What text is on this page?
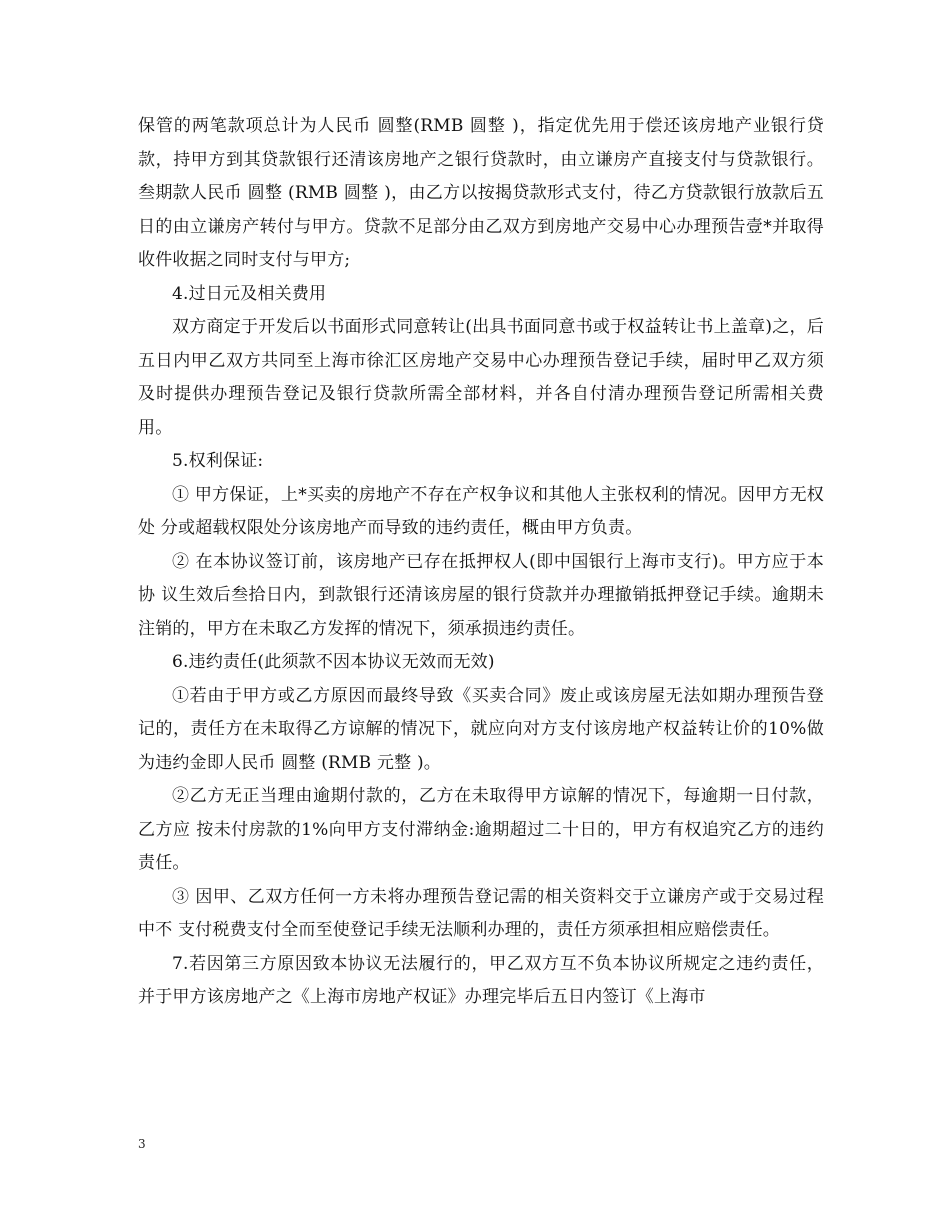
保管的两笔款项总计为人民币 圆整(RMB 圆整 )，指定优先用于偿还该房地产业银行贷款，持甲方到其贷款银行还清该房地产之银行贷款时，由立谦房产直接支付与贷款银行。叁期款人民币 圆整 (RMB 圆整 )，由乙方以按揭贷款形式支付，待乙方贷款银行放款后五日的由立谦房产转付与甲方。贷款不足部分由乙双方到房地产交易中心办理预告壹*并取得收件收据之同时支付与甲方;

4.过日元及相关费用

双方商定于开发后以书面形式同意转让(出具书面同意书或于权益转让书上盖章)之，后五日内甲乙双方共同至上海市徐汇区房地产交易中心办理预告登记手续，届时甲乙双方须及时提供办理预告登记及银行贷款所需全部材料，并各自付清办理预告登记所需相关费用。

5.权利保证:

① 甲方保证，上*买卖的房地产不存在产权争议和其他人主张权利的情况。因甲方无权处 分或超载权限处分该房地产而导致的违约责任，概由甲方负责。

② 在本协议签订前，该房地产已存在抵押权人(即中国银行上海市支行)。甲方应于本协 议生效后叁拾日内，到款银行还清该房屋的银行贷款并办理撤销抵押登记手续。逾期未注销的，甲方在未取乙方发挥的情况下，须承损违约责任。

6.违约责任(此须款不因本协议无效而无效)

①若由于甲方或乙方原因而最终导致《买卖合同》废止或该房屋无法如期办理预告登记的，责任方在未取得乙方谅解的情况下，就应向对方支付该房地产权益转让价的10%做为违约金即人民币 圆整 (RMB 元整 )。

②乙方无正当理由逾期付款的，乙方在未取得甲方谅解的情况下，每逾期一日付款，乙方应 按未付房款的1%向甲方支付滞纳金:逾期超过二十日的，甲方有权追究乙方的违约责任。

③ 因甲、乙双方任何一方未将办理预告登记需的相关资料交于立谦房产或于交易过程中不 支付税费支付全而至使登记手续无法顺利办理的，责任方须承担相应赔偿责任。

7.若因第三方原因致本协议无法履行的，甲乙双方互不负本协议所规定之违约责任，并于甲方该房地产之《上海市房地产权证》办理完毕后五日内签订《上海市

3
